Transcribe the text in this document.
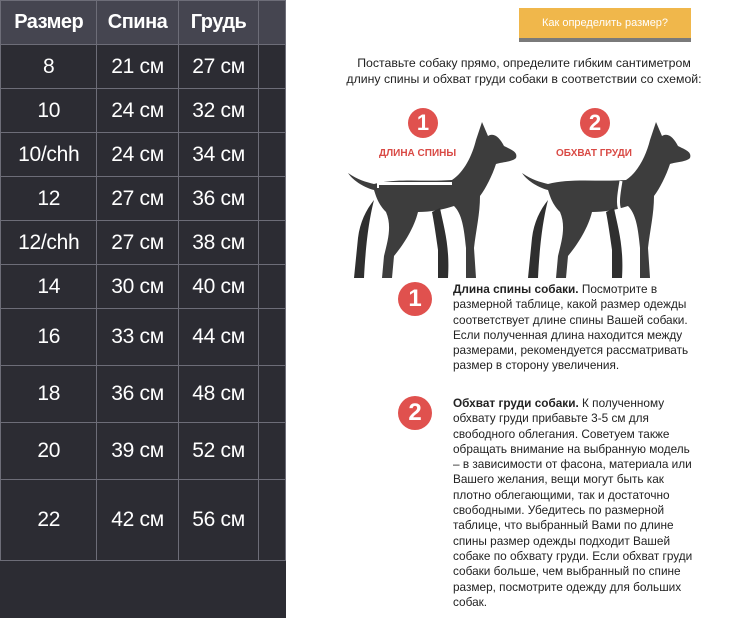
Размер	Спина	Грудь	
8	21 см	27 см	
10	24 см	32 см	
10/chh	24 см	34 см	
12	27 см	36 см	
12/chh	27 см	38 см	
14	30 см	40 см	
16	33 см	44 см	
18	36 см	48 см	
20	39 см	52 см	
22	42 см	56 см	
Как определить размер?

Поставьте собаку прямо, определите гибким сантиметром длину спины и обхват груди собаки в соответствии со схемой:

1
ДЛИНА СПИНЫ
2
ОБХВАТ ГРУДИ
1	Длина спины собаки. Посмотрите в размерной таблице, какой размер одежды соответствует длине спины Вашей собаки. Если полученная длина находится между размерами, рекомендуется рассматривать размер в сторону увеличения.

2	Обхват груди собаки. К полученному обхвату груди прибавьте 3-5 см для свободного облегания. Советуем также обращать внимание на выбранную модель – в зависимости от фасона, материала или Вашего желания, вещи могут быть как плотно облегающими, так и достаточно свободными. Убедитесь по размерной таблице, что выбранный Вами по длине спины размер одежды подходит Вашей собаке по обхвату груди. Если обхват груди собаки больше, чем выбранный по спине размер, посмотрите одежду для больших собак.
